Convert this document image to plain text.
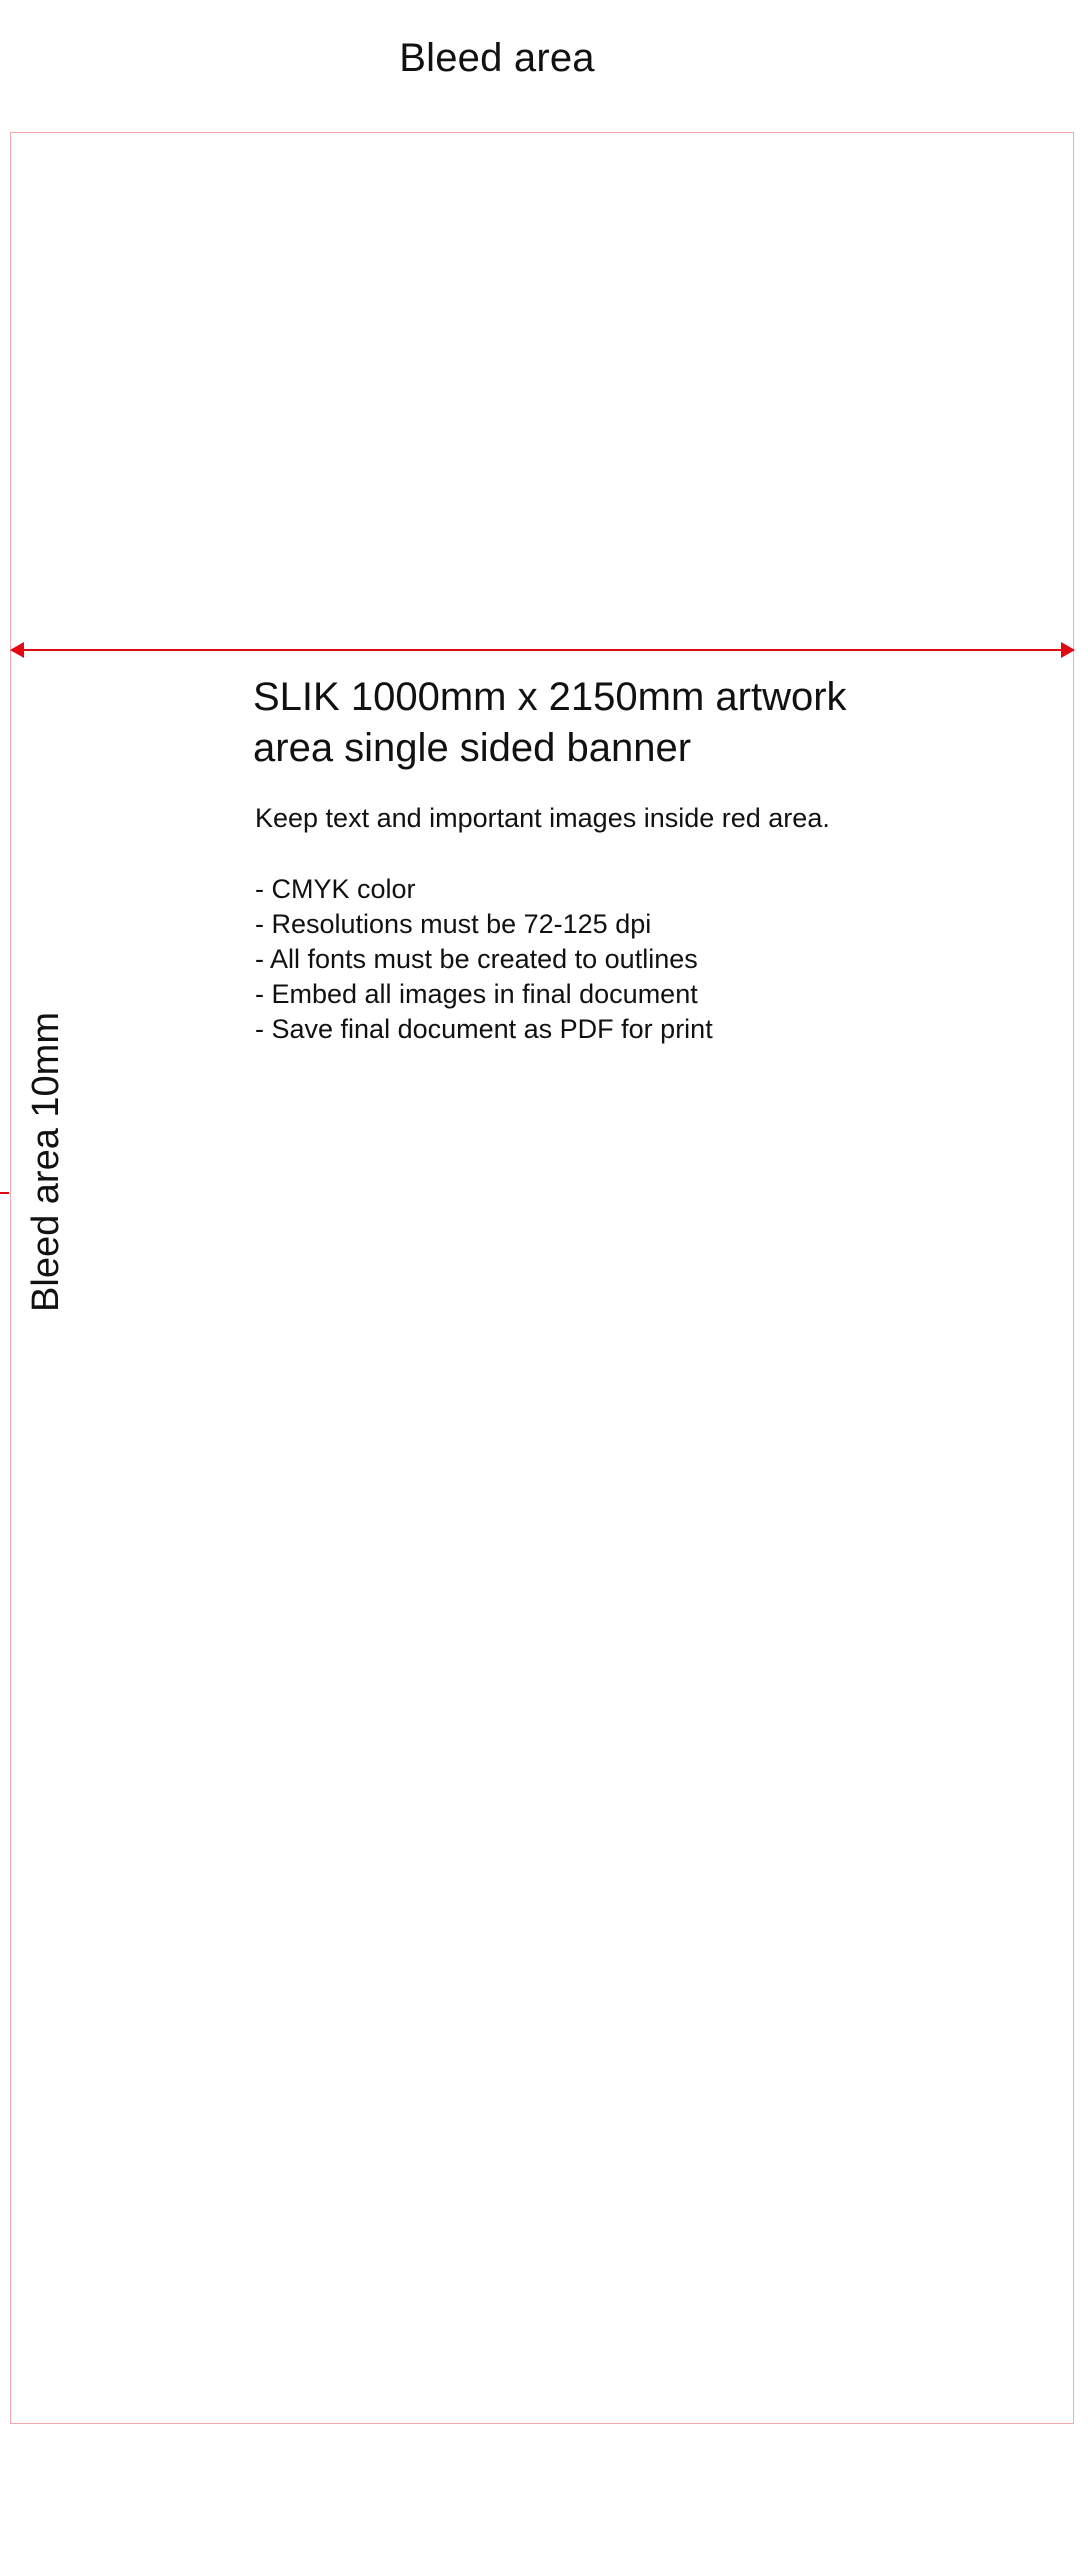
Bleed area
Bleed area 10mm
SLIK 1000mm x 2150mm artwork
area single sided banner

Keep text and important images inside red area.

- CMYK color
- Resolutions must be 72-125 dpi
- All fonts must be created to outlines
- Embed all images in final document
- Save final document as PDF for print
